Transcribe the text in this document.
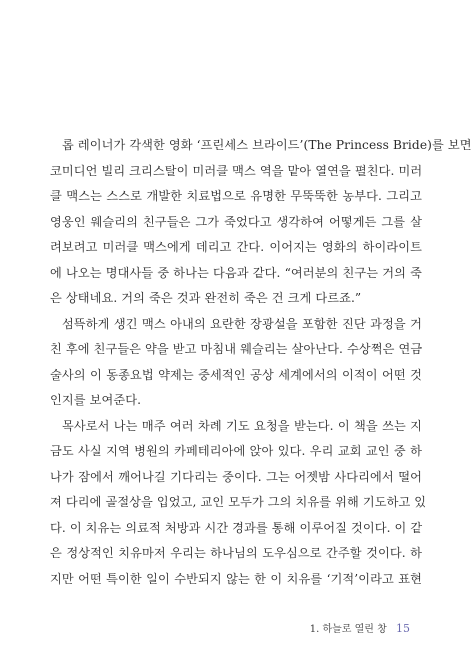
롭 레이너가 각색한 영화 ‘프린세스 브라이드’(The Princess Bride)를 보면
코미디언 빌리 크리스탈이 미러클 맥스 역을 맡아 열연을 펼친다. 미러
클 맥스는 스스로 개발한 치료법으로 유명한 무뚝뚝한 농부다. 그리고
영웅인 웨슬리의 친구들은 그가 죽었다고 생각하여 어떻게든 그를 살
려보려고 미러클 맥스에게 데리고 간다. 이어지는 영화의 하이라이트
에 나오는 명대사들 중 하나는 다음과 같다. “여러분의 친구는 거의 죽
은 상태네요. 거의 죽은 것과 완전히 죽은 건 크게 다르죠.”
섬뜩하게 생긴 맥스 아내의 요란한 장광설을 포함한 진단 과정을 거
친 후에 친구들은 약을 받고 마침내 웨슬리는 살아난다. 수상쩍은 연금
술사의 이 동종요법 약제는 중세적인 공상 세계에서의 이적이 어떤 것
인지를 보여준다.
목사로서 나는 매주 여러 차례 기도 요청을 받는다. 이 책을 쓰는 지
금도 사실 지역 병원의 카페테리아에 앉아 있다. 우리 교회 교인 중 하
나가 잠에서 깨어나길 기다리는 중이다. 그는 어젯밤 사다리에서 떨어
져 다리에 골절상을 입었고, 교인 모두가 그의 치유를 위해 기도하고 있
다. 이 치유는 의료적 처방과 시간 경과를 통해 이루어질 것이다. 이 같
은 정상적인 치유마저 우리는 하나님의 도우심으로 간주할 것이다. 하
지만 어떤 특이한 일이 수반되지 않는 한 이 치유를 ‘기적’이라고 표현
1. 하늘로 열린 창 15
